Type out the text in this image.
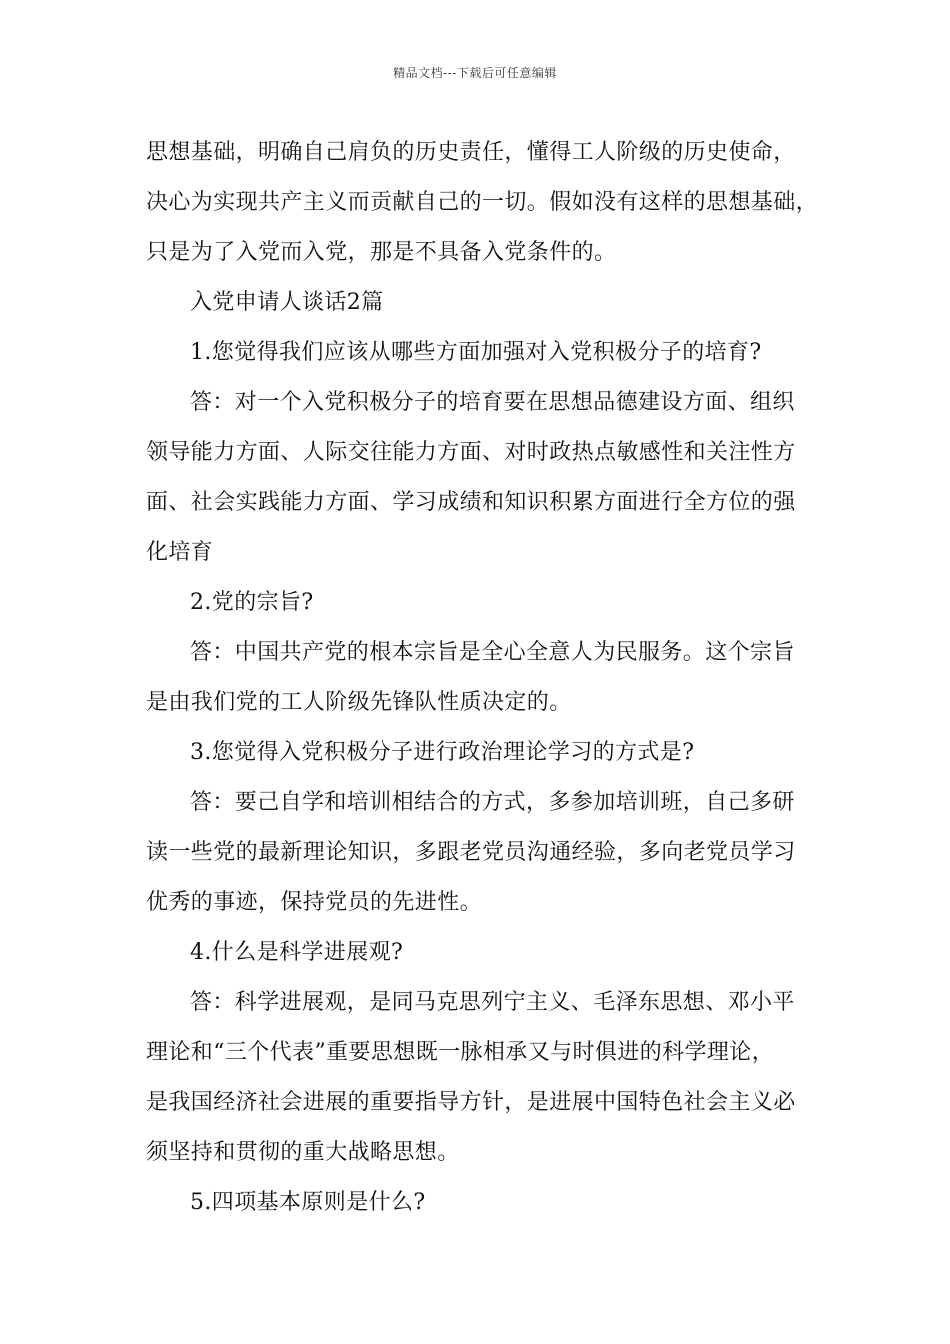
精品文档---下载后可任意编辑
思想基础，明确自己肩负的历史责任，懂得工人阶级的历史使命，
决心为实现共产主义而贡献自己的一切。假如没有这样的思想基础，
只是为了入党而入党，那是不具备入党条件的。
入党申请人谈话2篇
1.您觉得我们应该从哪些方面加强对入党积极分子的培育?
答：对一个入党积极分子的培育要在思想品德建设方面、组织
领导能力方面、人际交往能力方面、对时政热点敏感性和关注性方
面、社会实践能力方面、学习成绩和知识积累方面进行全方位的强
化培育
2.党的宗旨?
答：中国共产党的根本宗旨是全心全意人为民服务。这个宗旨
是由我们党的工人阶级先锋队性质决定的。
3.您觉得入党积极分子进行政治理论学习的方式是?
答：要己自学和培训相结合的方式，多参加培训班，自己多研
读一些党的最新理论知识，多跟老党员沟通经验，多向老党员学习
优秀的事迹，保持党员的先进性。
4.什么是科学进展观?
答：科学进展观，是同马克思列宁主义、毛泽东思想、邓小平
理论和“三个代表”重要思想既一脉相承又与时俱进的科学理论，
是我国经济社会进展的重要指导方针，是进展中国特色社会主义必
须坚持和贯彻的重大战略思想。
5.四项基本原则是什么?
